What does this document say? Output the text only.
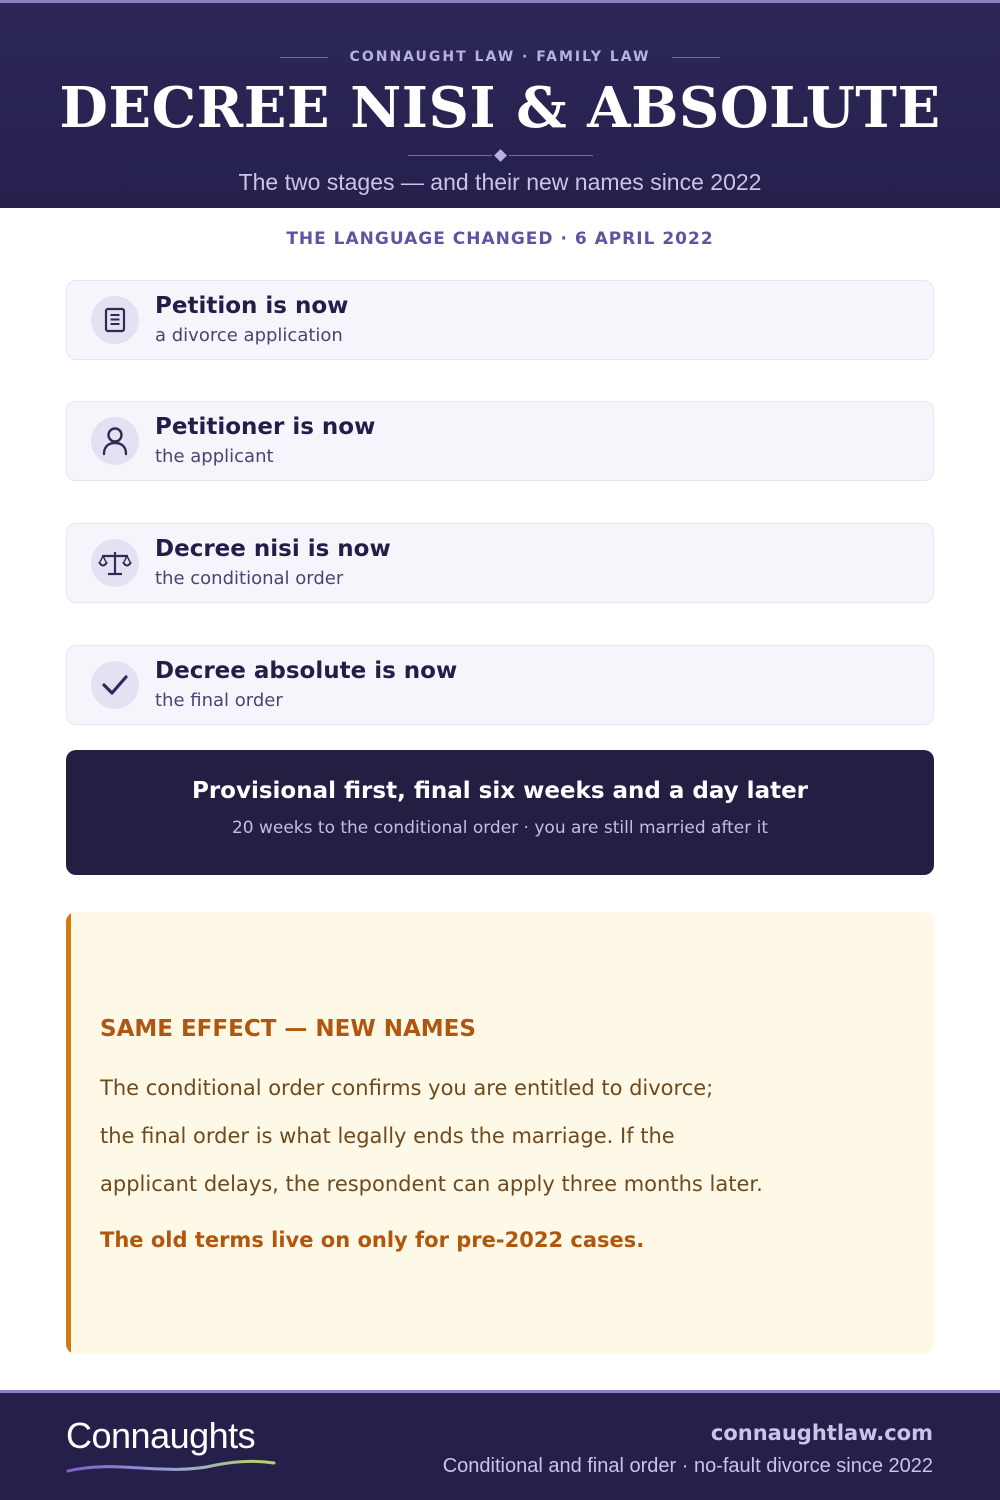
CONNAUGHT LAW · FAMILY LAW
DECREE NISI & ABSOLUTE
The two stages — and their new names since 2022
THE LANGUAGE CHANGED · 6 APRIL 2022
Petition is now
a divorce application
Petitioner is now
the applicant
Decree nisi is now
the conditional order
Decree absolute is now
the final order
Provisional first, final six weeks and a day later
20 weeks to the conditional order · you are still married after it
SAME EFFECT — NEW NAMES
The conditional order confirms you are entitled to divorce;
the final order is what legally ends the marriage. If the
applicant delays, the respondent can apply three months later.
The old terms live on only for pre-2022 cases.
Connaughts	connaughtlaw.com
Conditional and final order · no-fault divorce since 2022
